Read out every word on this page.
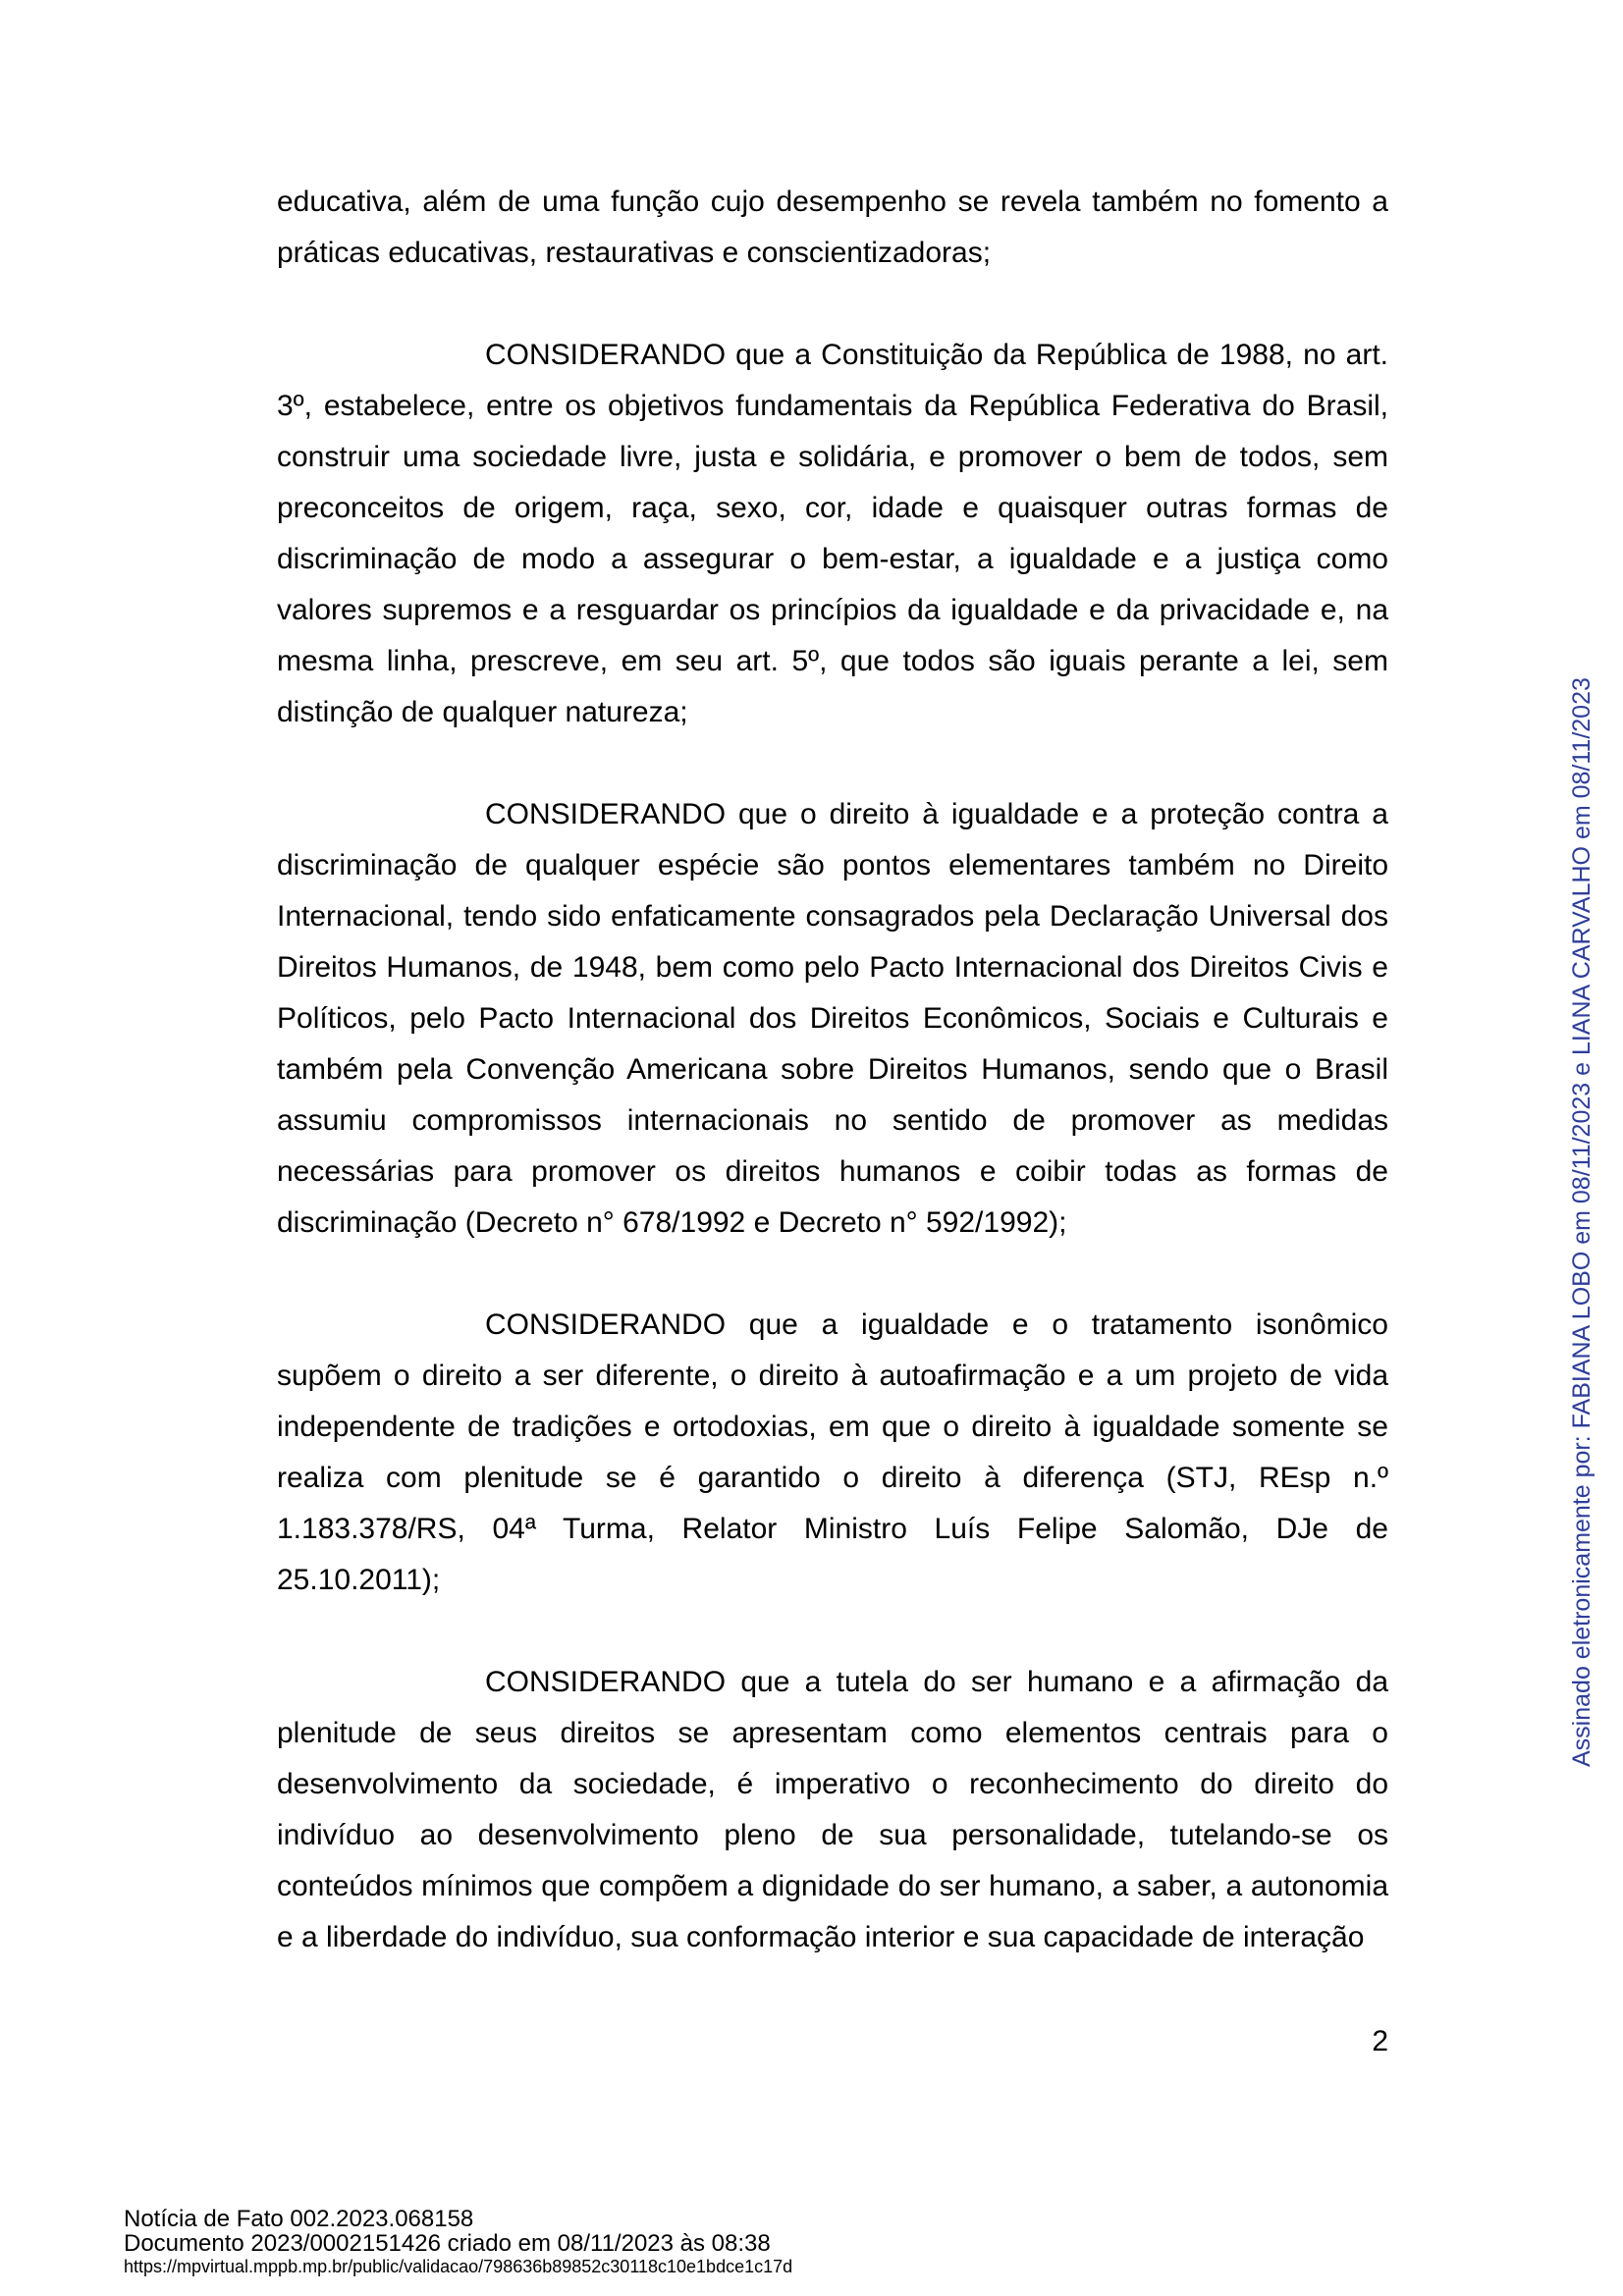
educativa, além de uma função cujo desempenho se revela também no fomento a práticas educativas, restaurativas e conscientizadoras;

CONSIDERANDO que a Constituição da República de 1988, no art. 3º, estabelece, entre os objetivos fundamentais da República Federativa do Brasil, construir uma sociedade livre, justa e solidária, e promover o bem de todos, sem preconceitos de origem, raça, sexo, cor, idade e quaisquer outras formas de discriminação de modo a assegurar o bem-estar, a igualdade e a justiça como valores supremos e a resguardar os princípios da igualdade e da privacidade e, na mesma linha, prescreve, em seu art. 5º, que todos são iguais perante a lei, sem distinção de qualquer natureza;

CONSIDERANDO que o direito à igualdade e a proteção contra a discriminação de qualquer espécie são pontos elementares também no Direito Internacional, tendo sido enfaticamente consagrados pela Declaração Universal dos Direitos Humanos, de 1948, bem como pelo Pacto Internacional dos Direitos Civis e Políticos, pelo Pacto Internacional dos Direitos Econômicos, Sociais e Culturais e também pela Convenção Americana sobre Direitos Humanos, sendo que o Brasil assumiu compromissos internacionais no sentido de promover as medidas necessárias para promover os direitos humanos e coibir todas as formas de discriminação (Decreto n° 678/1992 e Decreto n° 592/1992);

CONSIDERANDO que a igualdade e o tratamento isonômico supõem o direito a ser diferente, o direito à autoafirmação e a um projeto de vida independente de tradições e ortodoxias, em que o direito à igualdade somente se realiza com plenitude se é garantido o direito à diferença (STJ, REsp n.º 1.183.378/RS, 04ª Turma, Relator Ministro Luís Felipe Salomão, DJe de 25.10.2011);

CONSIDERANDO que a tutela do ser humano e a afirmação da plenitude de seus direitos se apresentam como elementos centrais para o desenvolvimento da sociedade, é imperativo o reconhecimento do direito do indivíduo ao desenvolvimento pleno de sua personalidade, tutelando-se os conteúdos mínimos que compõem a dignidade do ser humano, a saber, a autonomia e a liberdade do indivíduo, sua conformação interior e sua capacidade de interação

2
Assinado eletronicamente por: FABIANA LOBO em 08/11/2023 e LIANA CARVALHO em 08/11/2023
Notícia de Fato 002.2023.068158
Documento 2023/0002151426 criado em 08/11/2023 às 08:38
https://mpvirtual.mppb.mp.br/public/validacao/798636b89852c30118c10e1bdce1c17d
